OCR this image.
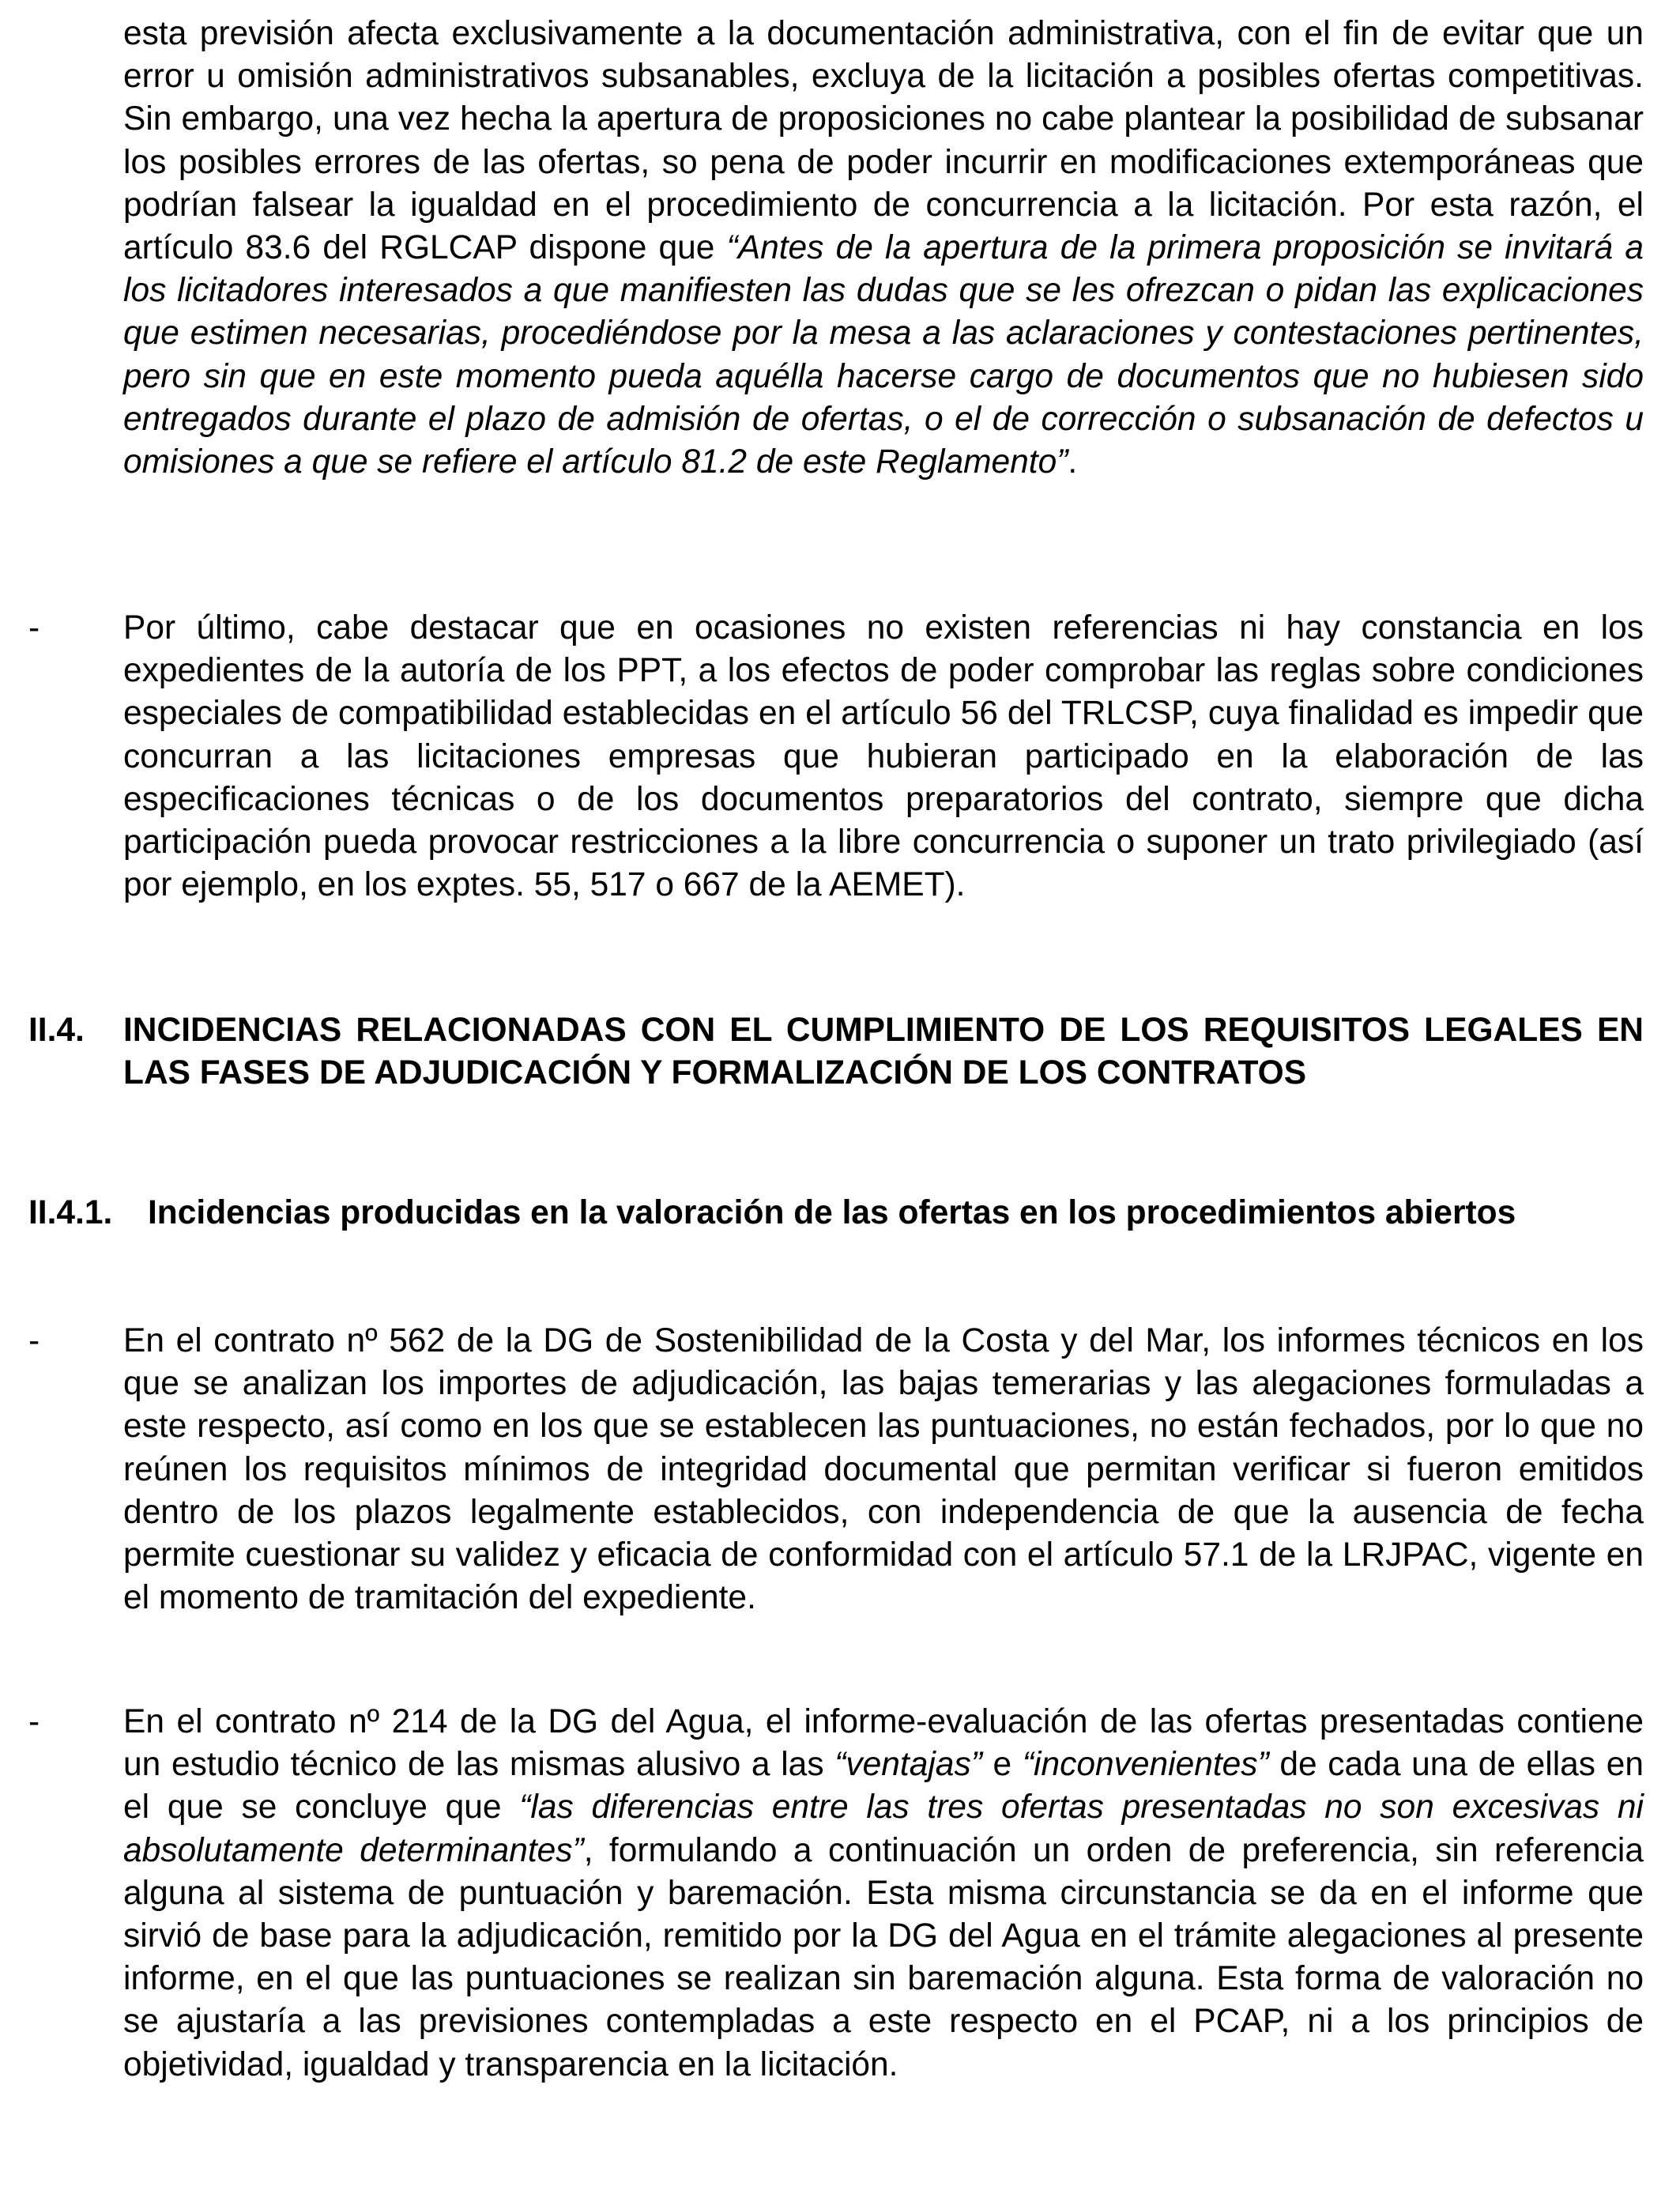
esta previsión afecta exclusivamente a la documentación administrativa, con el fin de evitar que un error u omisión administrativos subsanables, excluya de la licitación a posibles ofertas competitivas. Sin embargo, una vez hecha la apertura de proposiciones no cabe plantear la posibilidad de subsanar los posibles errores de las ofertas, so pena de poder incurrir en modificaciones extemporáneas que podrían falsear la igualdad en el procedimiento de concurrencia a la licitación. Por esta razón, el artículo 83.6 del RGLCAP dispone que “Antes de la apertura de la primera proposición se invitará a los licitadores interesados a que manifiesten las dudas que se les ofrezcan o pidan las explicaciones que estimen necesarias, procediéndose por la mesa a las aclaraciones y contestaciones pertinentes, pero sin que en este momento pueda aquélla hacerse cargo de documentos que no hubiesen sido entregados durante el plazo de admisión de ofertas, o el de corrección o subsanación de defectos u omisiones a que se refiere el artículo 81.2 de este Reglamento”.

- Por último, cabe destacar que en ocasiones no existen referencias ni hay constancia en los expedientes de la autoría de los PPT, a los efectos de poder comprobar las reglas sobre condiciones especiales de compatibilidad establecidas en el artículo 56 del TRLCSP, cuya finalidad es impedir que concurran a las licitaciones empresas que hubieran participado en la elaboración de las especificaciones técnicas o de los documentos preparatorios del contrato, siempre que dicha participación pueda provocar restricciones a la libre concurrencia o suponer un trato privilegiado (así por ejemplo, en los exptes. 55, 517 o 667 de la AEMET).

II.4. INCIDENCIAS RELACIONADAS CON EL CUMPLIMIENTO DE LOS REQUISITOS LEGALES EN LAS FASES DE ADJUDICACIÓN Y FORMALIZACIÓN DE LOS CONTRATOS
II.4.1. Incidencias producidas en la valoración de las ofertas en los procedimientos abiertos
- En el contrato nº 562 de la DG de Sostenibilidad de la Costa y del Mar, los informes técnicos en los que se analizan los importes de adjudicación, las bajas temerarias y las alegaciones formuladas a este respecto, así como en los que se establecen las puntuaciones, no están fechados, por lo que no reúnen los requisitos mínimos de integridad documental que permitan verificar si fueron emitidos dentro de los plazos legalmente establecidos, con independencia de que la ausencia de fecha permite cuestionar su validez y eficacia de conformidad con el artículo 57.1 de la LRJPAC, vigente en el momento de tramitación del expediente.

- En el contrato nº 214 de la DG del Agua, el informe-evaluación de las ofertas presentadas contiene un estudio técnico de las mismas alusivo a las “ventajas” e “inconvenientes” de cada una de ellas en el que se concluye que “las diferencias entre las tres ofertas presentadas no son excesivas ni absolutamente determinantes”, formulando a continuación un orden de preferencia, sin referencia alguna al sistema de puntuación y baremación. Esta misma circunstancia se da en el informe que sirvió de base para la adjudicación, remitido por la DG del Agua en el trámite alegaciones al presente informe, en el que las puntuaciones se realizan sin baremación alguna. Esta forma de valoración no se ajustaría a las previsiones contempladas a este respecto en el PCAP, ni a los principios de objetividad, igualdad y transparencia en la licitación.
